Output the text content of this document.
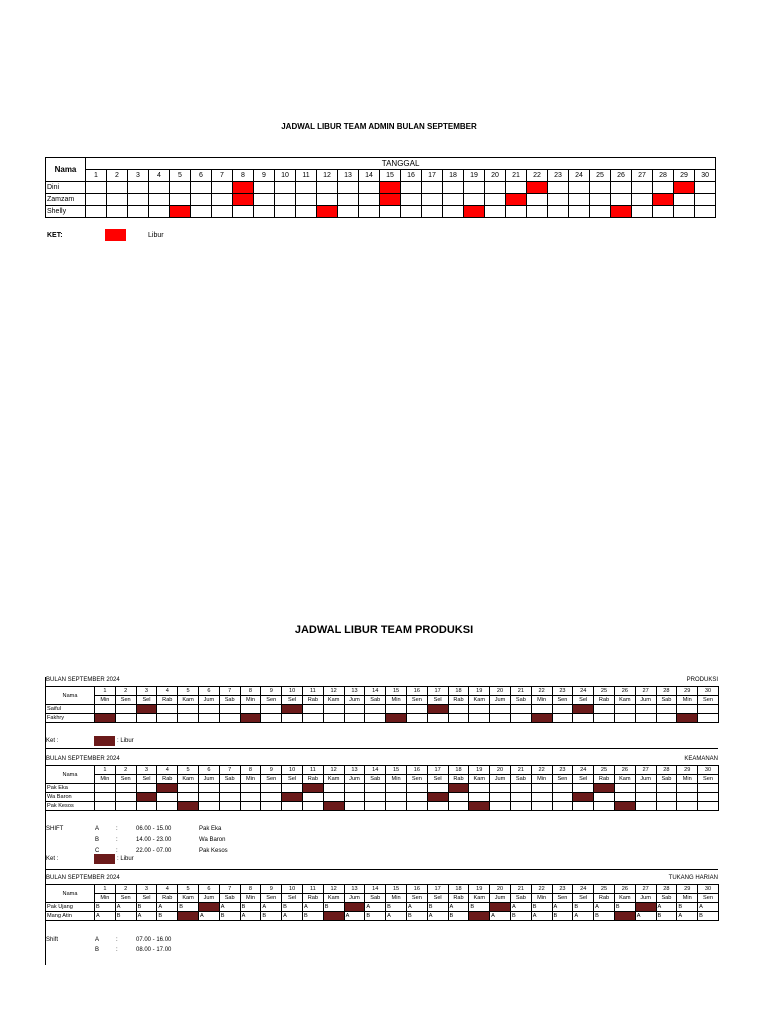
JADWAL LIBUR TEAM ADMIN BULAN SEPTEMBER
Nama	TANGGAL																													
	1	2	3	4	5	6	7	8	9	10	11	12	13	14	15	16	17	18	19	20	21	22	23	24	25	26	27	28	29	30
Dini																														
Zamzam																														
Shelly																														
KET:	Libur
JADWAL LIBUR TEAM PRODUKSI
BULAN SEPTEMBER 2024	PRODUKSI
Nama	1	2	3	4	5	6	7	8	9	10	11	12	13	14	15	16	17	18	19	20	21	22	23	24	25	26	27	28	29	30
	Min	Sen	Sel	Rab	Kam	Jum	Sab	Min	Sen	Sel	Rab	Kam	Jum	Sab	Min	Sen	Sel	Rab	Kam	Jum	Sab	Min	Sen	Sel	Rab	Kam	Jum	Sab	Min	Sen
Saiful																														
Fakhry																														
BULAN SEPTEMBER 2024	KEAMANAN
Nama	1	2	3	4	5	6	7	8	9	10	11	12	13	14	15	16	17	18	19	20	21	22	23	24	25	26	27	28	29	30
	Min	Sen	Sel	Rab	Kam	Jum	Sab	Min	Sen	Sel	Rab	Kam	Jum	Sab	Min	Sen	Sel	Rab	Kam	Jum	Sab	Min	Sen	Sel	Rab	Kam	Jum	Sab	Min	Sen
Pak Eka																														
Wa Baron																														
Pak Kesos																														
BULAN SEPTEMBER 2024	TUKANG HARIAN
Nama	1	2	3	4	5	6	7	8	9	10	11	12	13	14	15	16	17	18	19	20	21	22	23	24	25	26	27	28	29	30
	Min	Sen	Sel	Rab	Kam	Jum	Sab	Min	Sen	Sel	Rab	Kam	Jum	Sab	Min	Sen	Sel	Rab	Kam	Jum	Sab	Min	Sen	Sel	Rab	Kam	Jum	Sab	Min	Sen
Pak Ujang	B	A	B	A	B		A	B	A	B	A	B		A	B	A	B	A	B		A	B	A	B	A	B		A	B	A
Mang Atin	A	B	A	B		A	B	A	B	A	B		A	B	A	B	A	B		A	B	A	B	A	B		A	B	A	B
Ket :	: Libur
SHIFT	A	:	06.00 - 15.00	Pak Eka
B	:	14.00 - 23.00	Wa Baron
C	:	22.00 - 07.00	Pak Kesos
Ket :	: Libur
Shift	A	:	07.00 - 16.00
B	:	08.00 - 17.00
